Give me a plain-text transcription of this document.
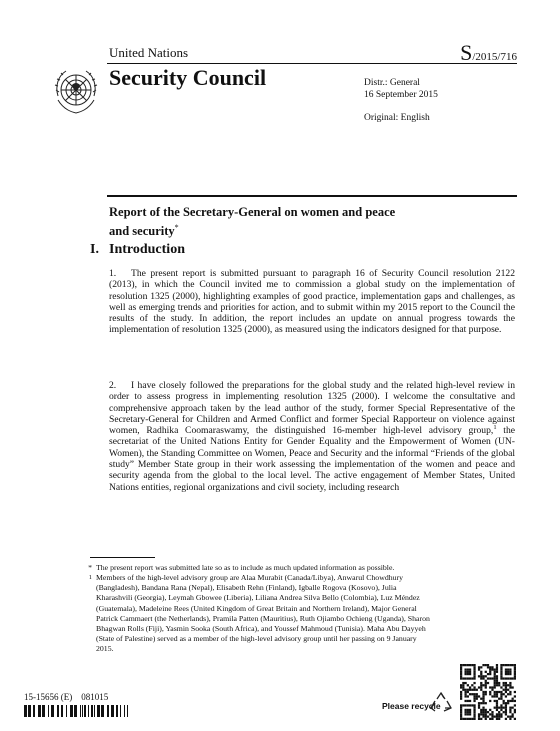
United Nations	S/2015/716
Security Council	Distr.: General
16 September 2015
Original: English
Report of the Secretary-General on women and peace
and security*
I. Introduction
1. The present report is submitted pursuant to paragraph 16 of Security Council resolution 2122 (2013), in which the Council invited me to commission a global study on the implementation of resolution 1325 (2000), highlighting examples of good practice, implementation gaps and challenges, as well as emerging trends and priorities for action, and to submit within my 2015 report to the Council the results of the study. In addition, the report includes an update on annual progress towards the implementation of resolution 1325 (2000), as measured using the indicators designed for that purpose.
2. I have closely followed the preparations for the global study and the related high-level review in order to assess progress in implementing resolution 1325 (2000). I welcome the consultative and comprehensive approach taken by the lead author of the study, former Special Representative of the Secretary-General for Children and Armed Conflict and former Special Rapporteur on violence against women, Radhika Coomaraswamy, the distinguished 16-member high-level advisory group,$^1$ the secretariat of the United Nations Entity for Gender Equality and the Empowerment of Women (UN-Women), the Standing Committee on Women, Peace and Security and the informal “Friends of the global study” Member State group in their work assessing the implementation of the women and peace and security agenda from the global to the local level. The active engagement of Member States, United Nations entities, regional organizations and civil society, including research
* The present report was submitted late so as to include as much updated information as possible.
1 Members of the high-level advisory group are Alaa Murabit (Canada/Libya), Anwarul Chowdhury (Bangladesh), Bandana Rana (Nepal), Elisabeth Rehn (Finland), Igballe Rogova (Kosovo), Julia Kharashvili (Georgia), Leymah Gbowee (Liberia), Liliana Andrea Silva Bello (Colombia), Luz Méndez (Guatemala), Madeleine Rees (United Kingdom of Great Britain and Northern Ireland), Major General Patrick Cammaert (the Netherlands), Pramila Patten (Mauritius), Ruth Ojiambo Ochieng (Uganda), Sharon Bhagwan Rolls (Fiji), Yasmin Sooka (South Africa), and Youssef Mahmoud (Tunisia). Maha Abu Dayyeh (State of Palestine) served as a member of the high-level advisory group until her passing on 9 January 2015.
15-15656 (E)    081015
Please recycle
